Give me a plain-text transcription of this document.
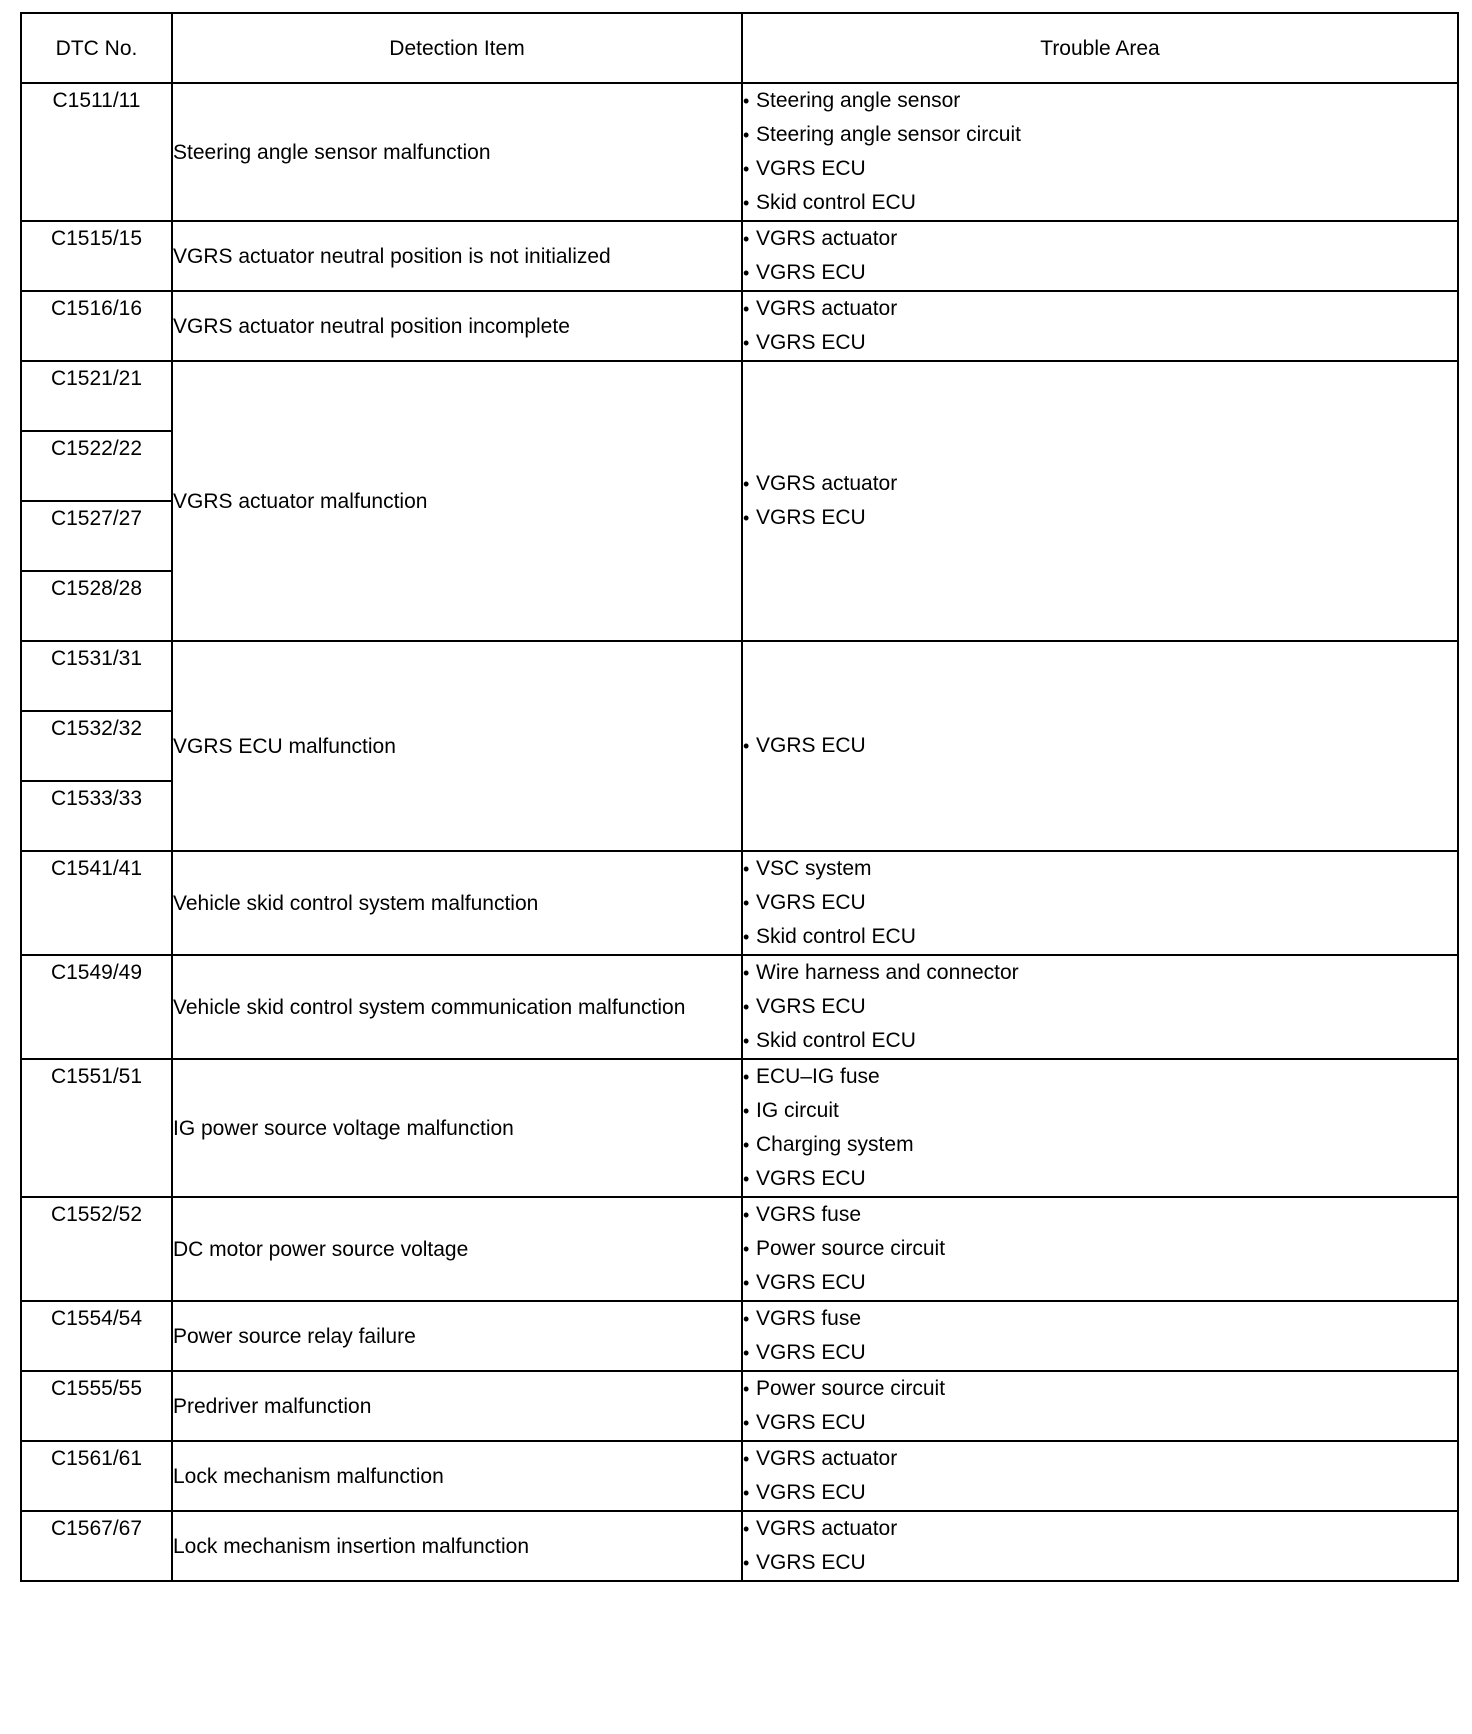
DTC No.	Detection Item	Trouble Area
C1511/11	Steering angle sensor malfunction	• Steering angle sensor
• Steering angle sensor circuit
• VGRS ECU
• Skid control ECU

C1515/15	VGRS actuator neutral position is not initialized	• VGRS actuator
• VGRS ECU

C1516/16	VGRS actuator neutral position incomplete	• VGRS actuator
• VGRS ECU

C1521/21	VGRS actuator malfunction	• VGRS actuator
• VGRS ECU

C1522/22		
C1527/27		
C1528/28		
C1531/31	VGRS ECU malfunction	• VGRS ECU

C1532/32		
C1533/33		
C1541/41	Vehicle skid control system malfunction	• VSC system
• VGRS ECU
• Skid control ECU

C1549/49	Vehicle skid control system communication malfunction	• Wire harness and connector
• VGRS ECU
• Skid control ECU

C1551/51	IG power source voltage malfunction	• ECU–IG fuse
• IG circuit
• Charging system
• VGRS ECU

C1552/52	DC motor power source voltage	• VGRS fuse
• Power source circuit
• VGRS ECU

C1554/54	Power source relay failure	• VGRS fuse
• VGRS ECU

C1555/55	Predriver malfunction	• Power source circuit
• VGRS ECU

C1561/61	Lock mechanism malfunction	• VGRS actuator
• VGRS ECU

C1567/67	Lock mechanism insertion malfunction	• VGRS actuator
• VGRS ECU
